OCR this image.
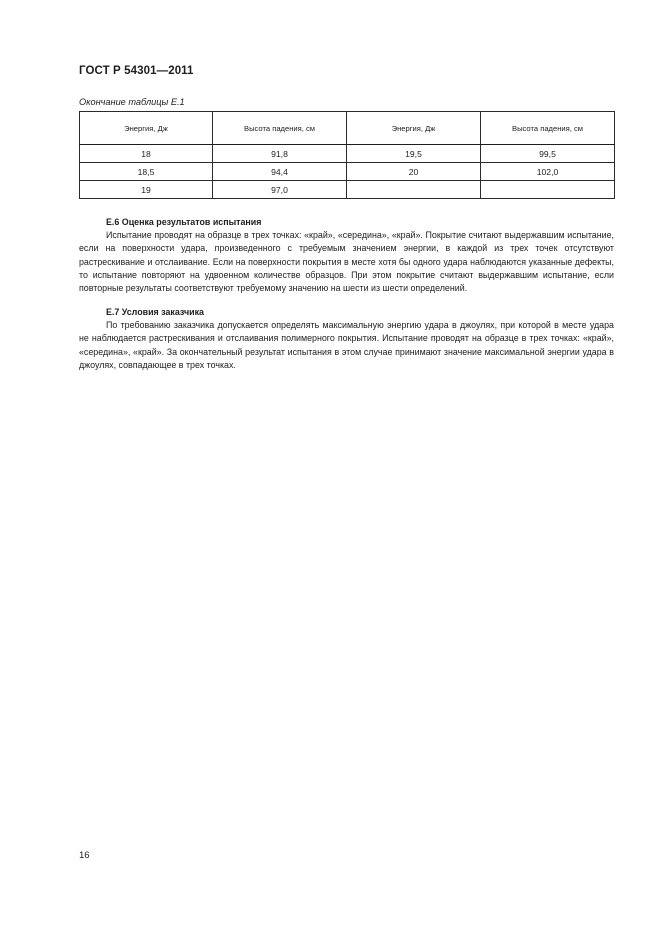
ГОСТ Р 54301—2011
Окончание таблицы Е.1
Энергия, Дж	Высота падения, см	Энергия, Дж	Высота падения, см
18	91,8	19,5	99,5
18,5	94,4	20	102,0
19	97,0		
Е.6 Оценка результатов испытания
Испытание проводят на образце в трех точках: «край», «середина», «край». Покрытие считают выдержавшим испытание, если на поверхности удара, произведенного с требуемым значением энергии, в каждой из трех точек отсутствуют растрескивание и отслаивание. Если на поверхности покрытия в месте хотя бы одного удара наблюдаются указанные дефекты, то испытание повторяют на удвоенном количестве образцов. При этом покрытие считают выдержавшим испытание, если повторные результаты соответствуют требуемому значению на шести из шести определений.
Е.7 Условия заказчика
По требованию заказчика допускается определять максимальную энергию удара в джоулях, при которой в месте удара не наблюдается растрескивания и отслаивания полимерного покрытия. Испытание проводят на образце в трех точках: «край», «середина», «край». За окончательный результат испытания в этом случае принимают значение максимальной энергии удара в джоулях, совпадающее в трех точках.
16
